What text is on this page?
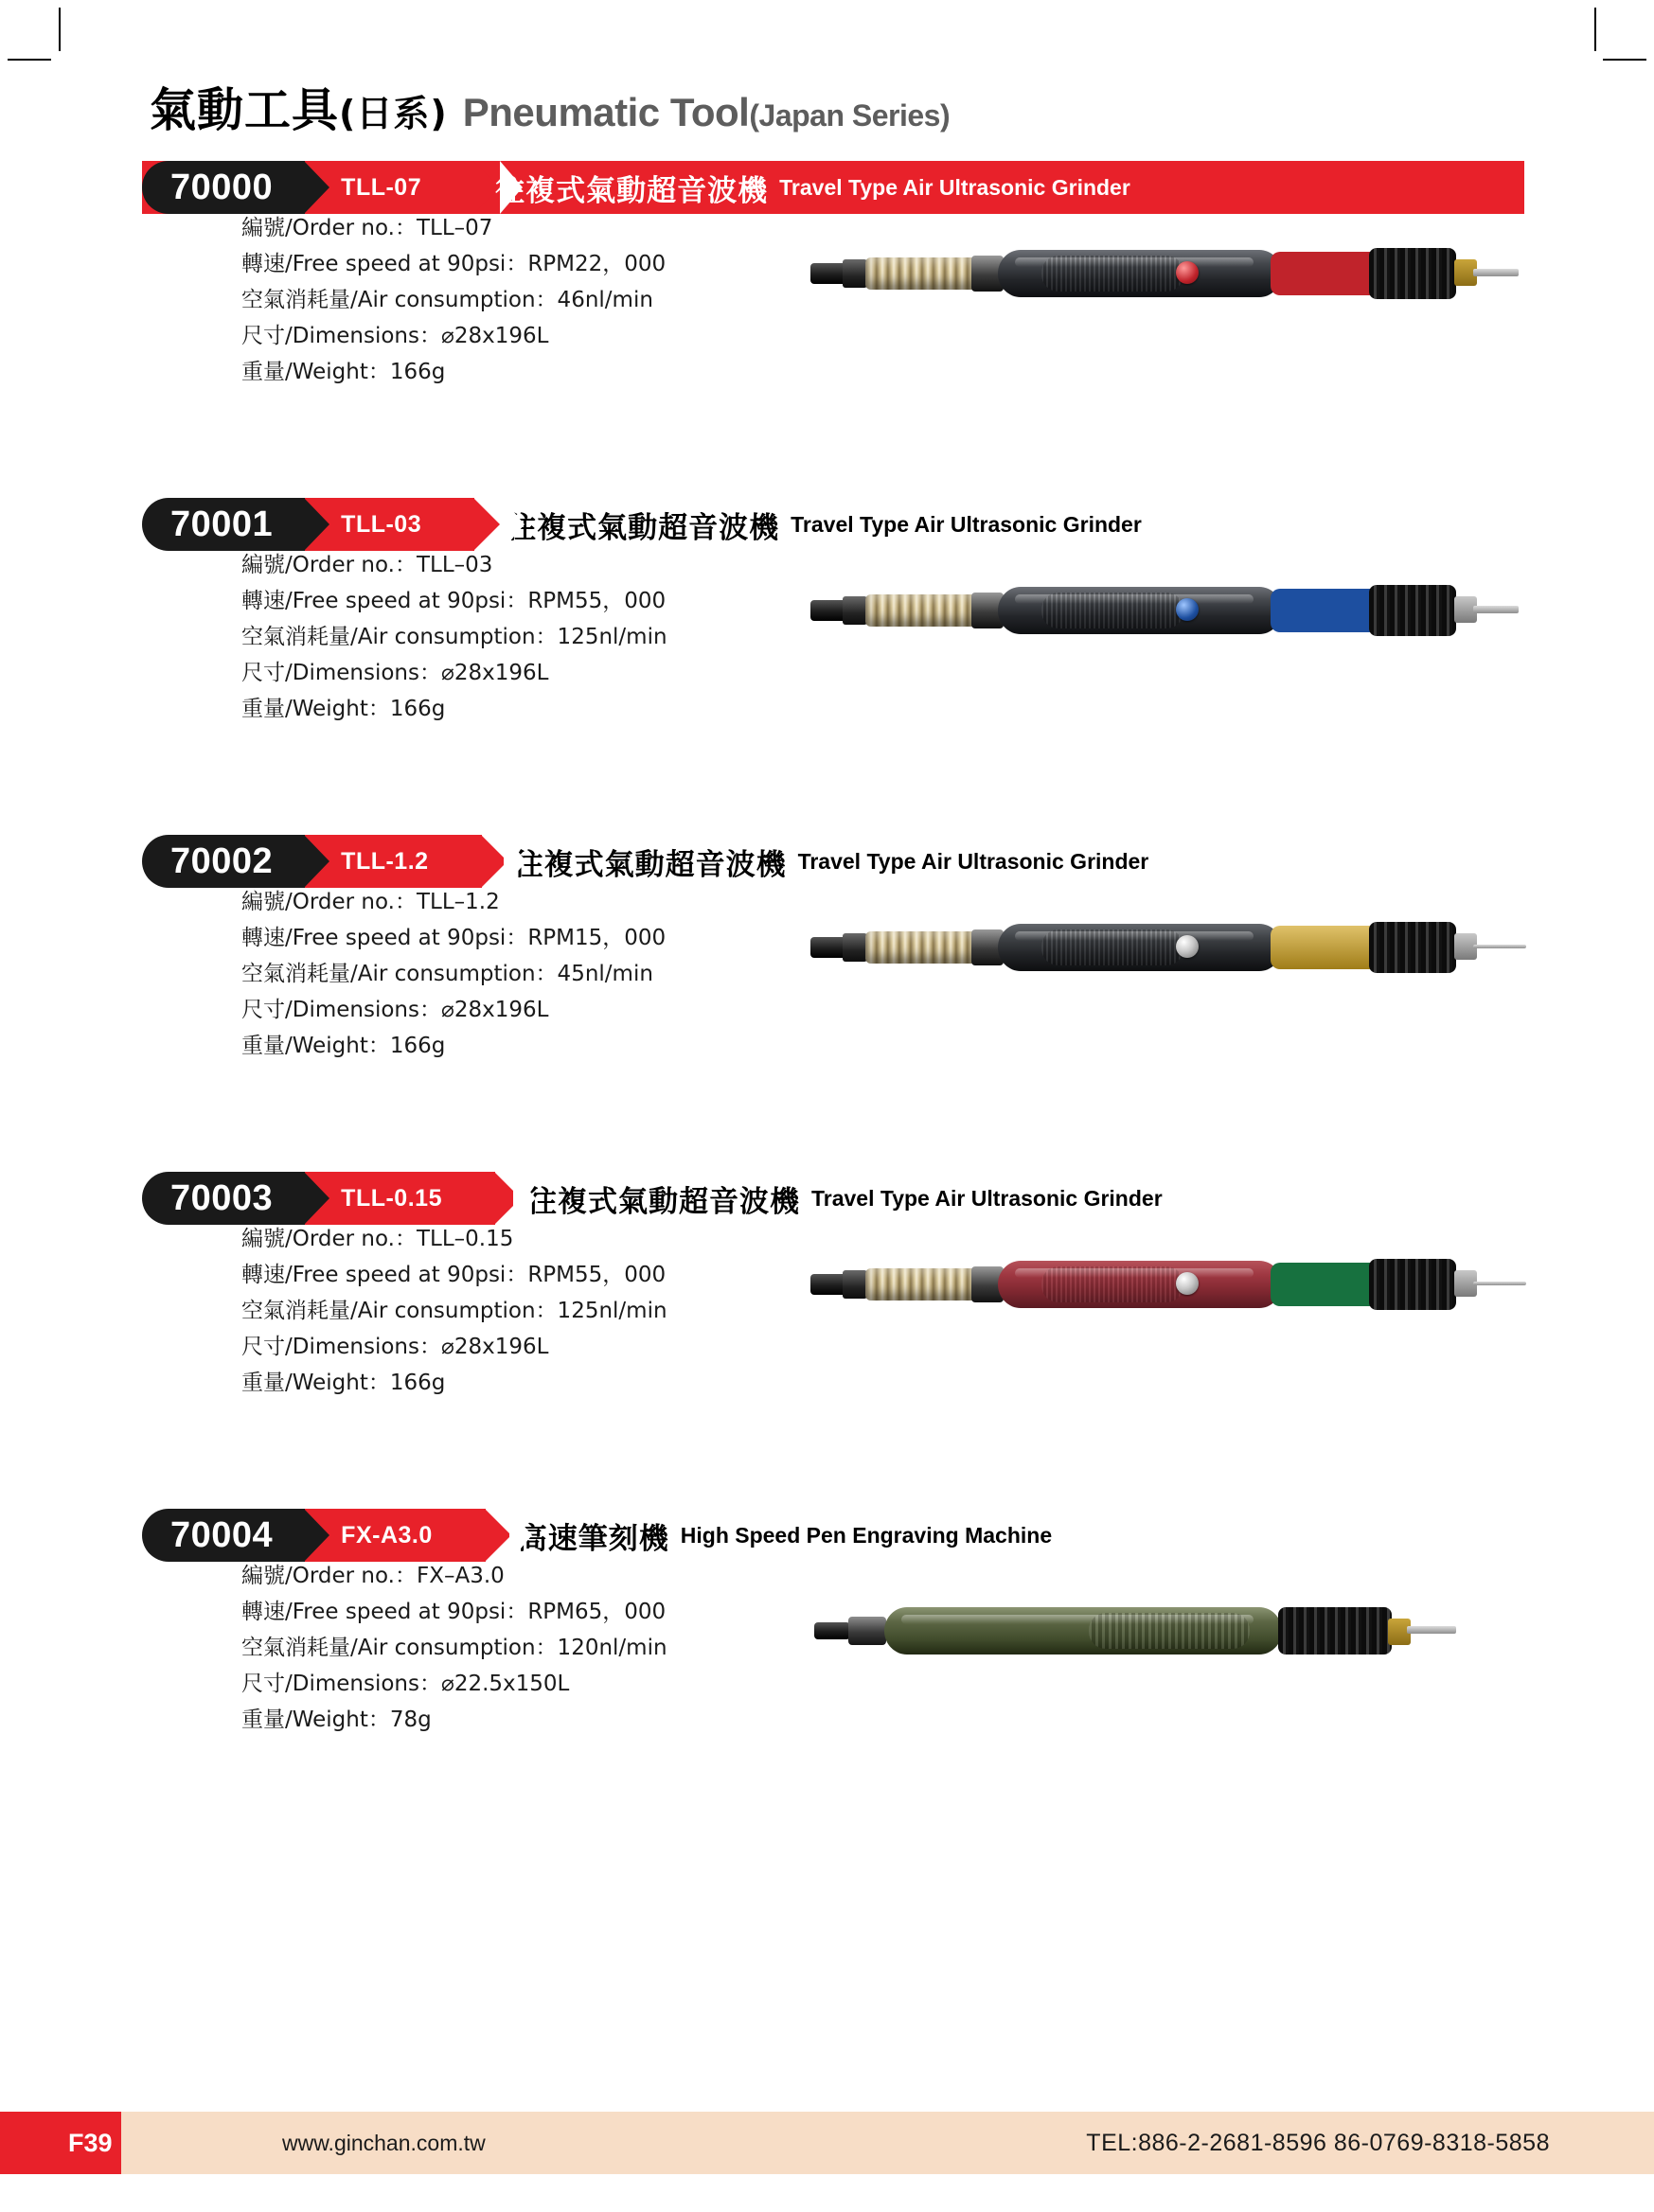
氣動工具(日系) Pneumatic Tool(Japan Series)
70000	TLL-07	往複式氣動超音波機 Travel Type Air Ultrasonic Grinder
編號/Order no.：TLL–07
轉速/Free speed at 90psi：RPM22，000
空氣消耗量/Air consumption：46nl/min
尺寸/Dimensions：⌀28x196L
重量/Weight：166g
70001	TLL-03	往複式氣動超音波機 Travel Type Air Ultrasonic Grinder
編號/Order no.：TLL–03
轉速/Free speed at 90psi：RPM55，000
空氣消耗量/Air consumption：125nl/min
尺寸/Dimensions：⌀28x196L
重量/Weight：166g
70002	TLL-1.2	往複式氣動超音波機 Travel Type Air Ultrasonic Grinder
編號/Order no.：TLL–1.2
轉速/Free speed at 90psi：RPM15，000
空氣消耗量/Air consumption：45nl/min
尺寸/Dimensions：⌀28x196L
重量/Weight：166g
70003	TLL-0.15	往複式氣動超音波機 Travel Type Air Ultrasonic Grinder
編號/Order no.：TLL–0.15
轉速/Free speed at 90psi：RPM55，000
空氣消耗量/Air consumption：125nl/min
尺寸/Dimensions：⌀28x196L
重量/Weight：166g
70004	FX-A3.0	高速筆刻機 High Speed Pen Engraving Machine
編號/Order no.：FX–A3.0
轉速/Free speed at 90psi：RPM65，000
空氣消耗量/Air consumption：120nl/min
尺寸/Dimensions：⌀22.5x150L
重量/Weight：78g
F39	www.ginchan.com.tw	TEL:886-2-2681-8596 86-0769-8318-5858
